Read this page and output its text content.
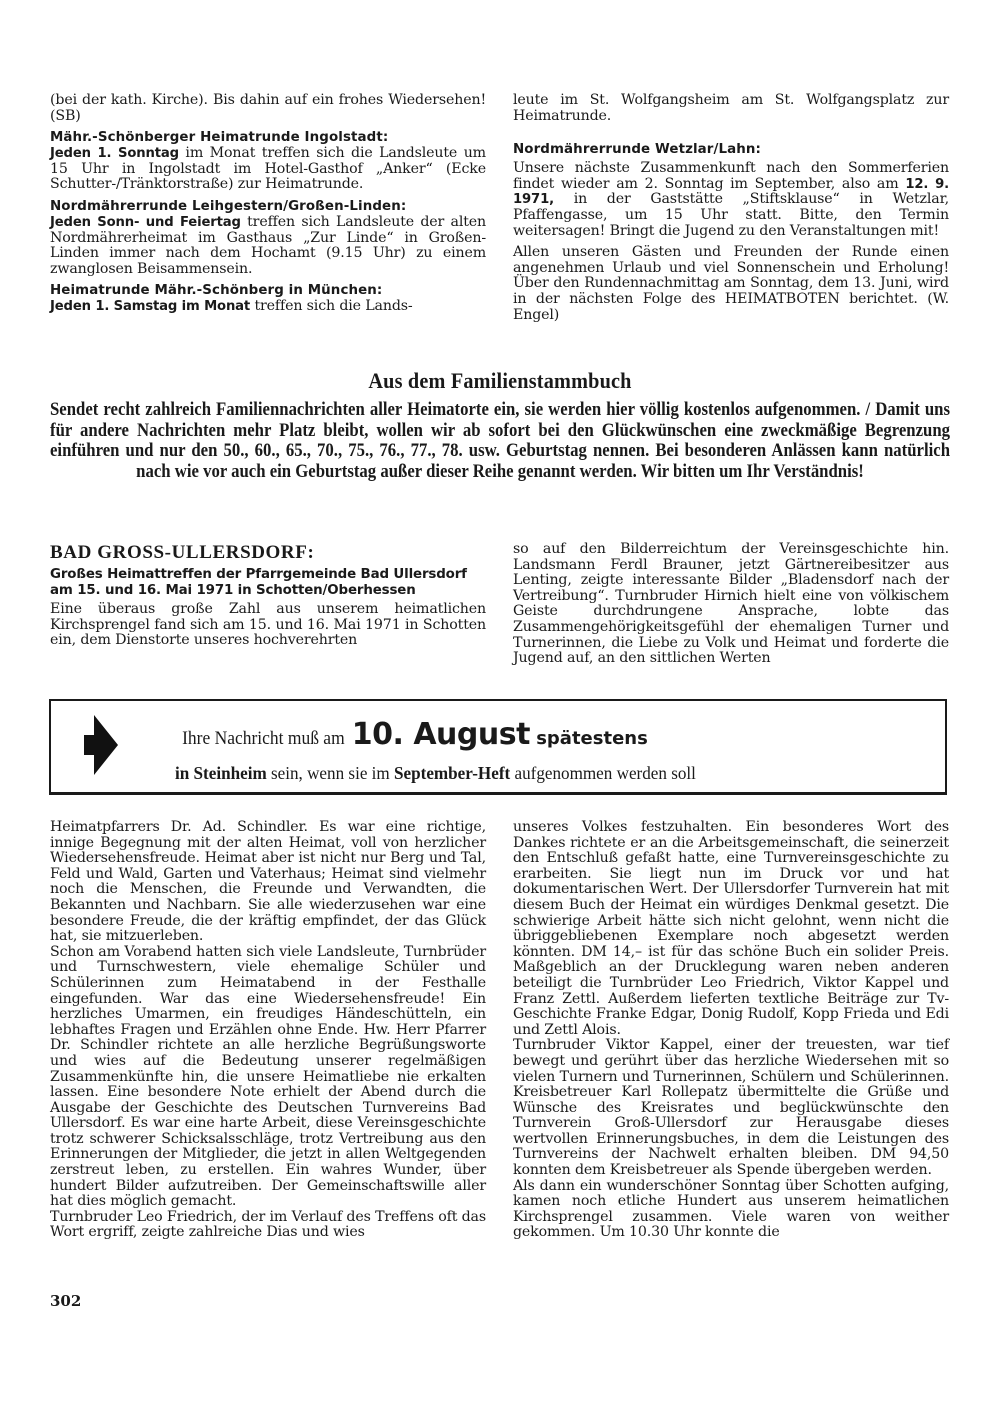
(bei der kath. Kirche). Bis dahin auf ein frohes Wiedersehen! (SB)

Mähr.-Schönberger Heimatrunde Ingolstadt:

Jeden 1. Sonntag im Monat treffen sich die Landsleute um 15 Uhr in Ingolstadt im Hotel-Gasthof „Anker“ (Ecke Schutter-/Tränktorstraße) zur Heimatrunde.

Nordmährerrunde Leihgestern/Großen-Linden:

Jeden Sonn- und Feiertag treffen sich Landsleute der alten Nordmährerheimat im Gasthaus „Zur Linde“ in Großen-Linden immer nach dem Hochamt (9.15 Uhr) zu einem zwanglosen Beisammensein.

Heimatrunde Mähr.-Schönberg in München:

Jeden 1. Samstag im Monat treffen sich die Lands-

leute im St. Wolfgangsheim am St. Wolfgangsplatz zur Heimatrunde.

Nordmährerrunde Wetzlar/Lahn:

Unsere nächste Zusammenkunft nach den Sommerferien findet wieder am 2. Sonntag im September, also am 12. 9. 1971, in der Gaststätte „Stiftsklause“ in Wetzlar, Pfaffengasse, um 15 Uhr statt. Bitte, den Termin weitersagen! Bringt die Jugend zu den Veranstaltungen mit!

Allen unseren Gästen und Freunden der Runde einen angenehmen Urlaub und viel Sonnenschein und Erholung! Über den Rundennachmittag am Sonntag, dem 13. Juni, wird in der nächsten Folge des HEIMATBOTEN berichtet. (W. Engel)

Aus dem Familienstammbuch
Sendet recht zahlreich Familiennachrichten aller Heimatorte ein, sie werden hier völlig kostenlos aufgenommen. / Damit uns für andere Nachrichten mehr Platz bleibt, wollen wir ab sofort bei den Glückwünschen eine zweckmäßige Begrenzung einführen und nur den 50., 60., 65., 70., 75., 76., 77., 78. usw. Geburtstag nennen. Bei besonderen Anlässen kann natürlich nach wie vor auch ein Geburtstag außer dieser Reihe genannt werden. Wir bitten um Ihr Verständnis!
BAD GROSS-ULLERSDORF:
Großes Heimattreffen der Pfarrgemeinde Bad Ullersdorf am 15. und 16. Mai 1971 in Schotten/Oberhessen

Eine überaus große Zahl aus unserem heimatlichen Kirchsprengel fand sich am 15. und 16. Mai 1971 in Schotten ein, dem Dienstorte unseres hochverehrten

so auf den Bilderreichtum der Vereinsgeschichte hin. Landsmann Ferdl Brauner, jetzt Gärtnereibesitzer aus Lenting, zeigte interessante Bilder „Bladensdorf nach der Vertreibung“. Turnbruder Hirnich hielt eine von völkischem Geiste durchdrungene Ansprache, lobte das Zusammengehörigkeitsgefühl der ehemaligen Turner und Turnerinnen, die Liebe zu Volk und Heimat und forderte die Jugend auf, an den sittlichen Werten

Ihre Nachricht muß am10. August spätestens
in Steinheim sein, wenn sie im September-Heft aufgenommen werden soll

Heimatpfarrers Dr. Ad. Schindler. Es war eine richtige, innige Begegnung mit der alten Heimat, voll von herzlicher Wiedersehensfreude. Heimat aber ist nicht nur Berg und Tal, Feld und Wald, Garten und Vaterhaus; Heimat sind vielmehr noch die Menschen, die Freunde und Verwandten, die Bekannten und Nachbarn. Sie alle wiederzusehen war eine besondere Freude, die der kräftig empfindet, der das Glück hat, sie mitzuerleben.

Schon am Vorabend hatten sich viele Landsleute, Turnbrüder und Turnschwestern, viele ehemalige Schüler und Schülerinnen zum Heimatabend in der Festhalle eingefunden. War das eine Wiedersehensfreude! Ein herzliches Umarmen, ein freudiges Händeschütteln, ein lebhaftes Fragen und Erzählen ohne Ende. Hw. Herr Pfarrer Dr. Schindler richtete an alle herzliche Begrüßungsworte und wies auf die Bedeutung unserer regelmäßigen Zusammenkünfte hin, die unsere Heimatliebe nie erkalten lassen. Eine besondere Note erhielt der Abend durch die Ausgabe der Geschichte des Deutschen Turnvereins Bad Ullersdorf. Es war eine harte Arbeit, diese Vereinsgeschichte trotz schwerer Schicksalsschläge, trotz Vertreibung aus den Erinnerungen der Mitglieder, die jetzt in allen Weltgegenden zerstreut leben, zu erstellen. Ein wahres Wunder, über hundert Bilder aufzutreiben. Der Gemeinschaftswille aller hat dies möglich gemacht.

Turnbruder Leo Friedrich, der im Verlauf des Treffens oft das Wort ergriff, zeigte zahlreiche Dias und wies

unseres Volkes festzuhalten. Ein besonderes Wort des Dankes richtete er an die Arbeitsgemeinschaft, die seinerzeit den Entschluß gefaßt hatte, eine Turnvereinsgeschichte zu erarbeiten. Sie liegt nun im Druck vor und hat dokumentarischen Wert. Der Ullersdorfer Turnverein hat mit diesem Buch der Heimat ein würdiges Denkmal gesetzt. Die schwierige Arbeit hätte sich nicht gelohnt, wenn nicht die übriggebliebenen Exemplare noch abgesetzt werden könnten. DM 14,– ist für das schöne Buch ein solider Preis. Maßgeblich an der Drucklegung waren neben anderen beteiligt die Turnbrüder Leo Friedrich, Viktor Kappel und Franz Zettl. Außerdem lieferten textliche Beiträge zur Tv-Geschichte Franke Edgar, Donig Rudolf, Kopp Frieda und Edi und Zettl Alois.

Turnbruder Viktor Kappel, einer der treuesten, war tief bewegt und gerührt über das herzliche Wiedersehen mit so vielen Turnern und Turnerinnen, Schülern und Schülerinnen. Kreisbetreuer Karl Rollepatz übermittelte die Grüße und Wünsche des Kreisrates und beglückwünschte den Turnverein Groß-Ullersdorf zur Herausgabe dieses wertvollen Erinnerungsbuches, in dem die Leistungen des Turnvereins der Nachwelt erhalten bleiben. DM 94,50 konnten dem Kreisbetreuer als Spende übergeben werden.

Als dann ein wunderschöner Sonntag über Schotten aufging, kamen noch etliche Hundert aus unserem heimatlichen Kirchsprengel zusammen. Viele waren von weither gekommen. Um 10.30 Uhr konnte die

302
